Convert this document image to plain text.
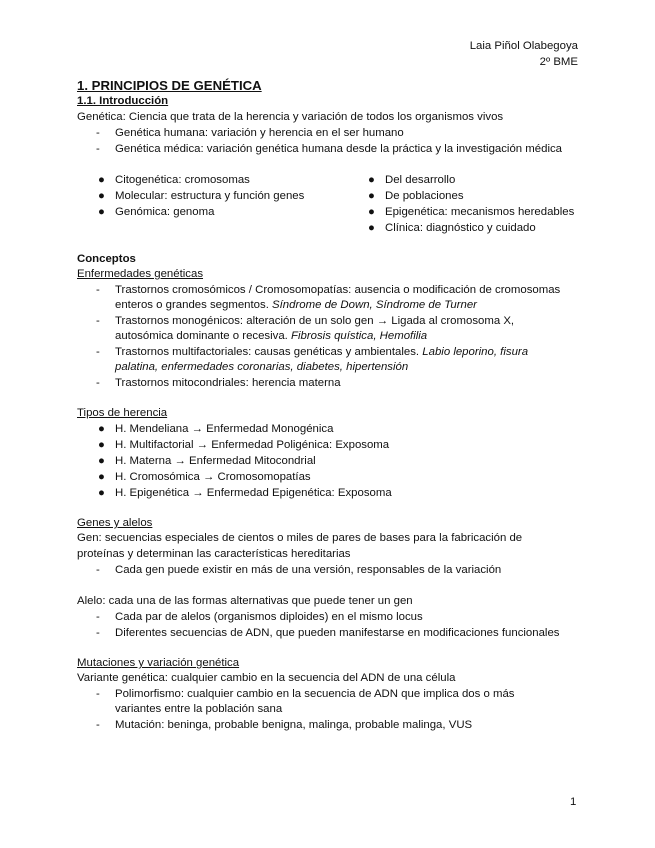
Laia Piñol Olabegoya
2º BME
1. PRINCIPIOS DE GENÉTICA
1.1. Introducción
Genética: Ciencia que trata de la herencia y variación de todos los organismos vivos
- Genética humana: variación y herencia en el ser humano
- Genética médica: variación genética humana desde la práctica y la investigación médica
● Citogenética: cromosomas
● Molecular: estructura y función genes
● Genómica: genoma
● Del desarrollo
● De poblaciones
● Epigenética: mecanismos heredables
● Clínica: diagnóstico y cuidado
Conceptos
Enfermedades genéticas
- Trastornos cromosómicos / Cromosomopatías: ausencia o modificación de cromosomas
enteros o grandes segmentos. Síndrome de Down, Síndrome de Turner
- Trastornos monogénicos: alteración de un solo gen → Ligada al cromosoma X,
autosómica dominante o recesiva. Fibrosis quística, Hemofilia
- Trastornos multifactoriales: causas genéticas y ambientales. Labio leporino, fisura
palatina, enfermedades coronarias, diabetes, hipertensión
- Trastornos mitocondriales: herencia materna
Tipos de herencia
● H. Mendeliana → Enfermedad Monogénica
● H. Multifactorial → Enfermedad Poligénica: Exposoma
● H. Materna → Enfermedad Mitocondrial
● H. Cromosómica → Cromosomopatías
● H. Epigenética → Enfermedad Epigenética: Exposoma
Genes y alelos
Gen: secuencias especiales de cientos o miles de pares de bases para la fabricación de
proteínas y determinan las características hereditarias
- Cada gen puede existir en más de una versión, responsables de la variación
Alelo: cada una de las formas alternativas que puede tener un gen
- Cada par de alelos (organismos diploides) en el mismo locus
- Diferentes secuencias de ADN, que pueden manifestarse en modificaciones funcionales
Mutaciones y variación genética
Variante genética: cualquier cambio en la secuencia del ADN de una célula
- Polimorfismo: cualquier cambio en la secuencia de ADN que implica dos o más
variantes entre la población sana
- Mutación: beninga, probable benigna, malinga, probable malinga, VUS
1
